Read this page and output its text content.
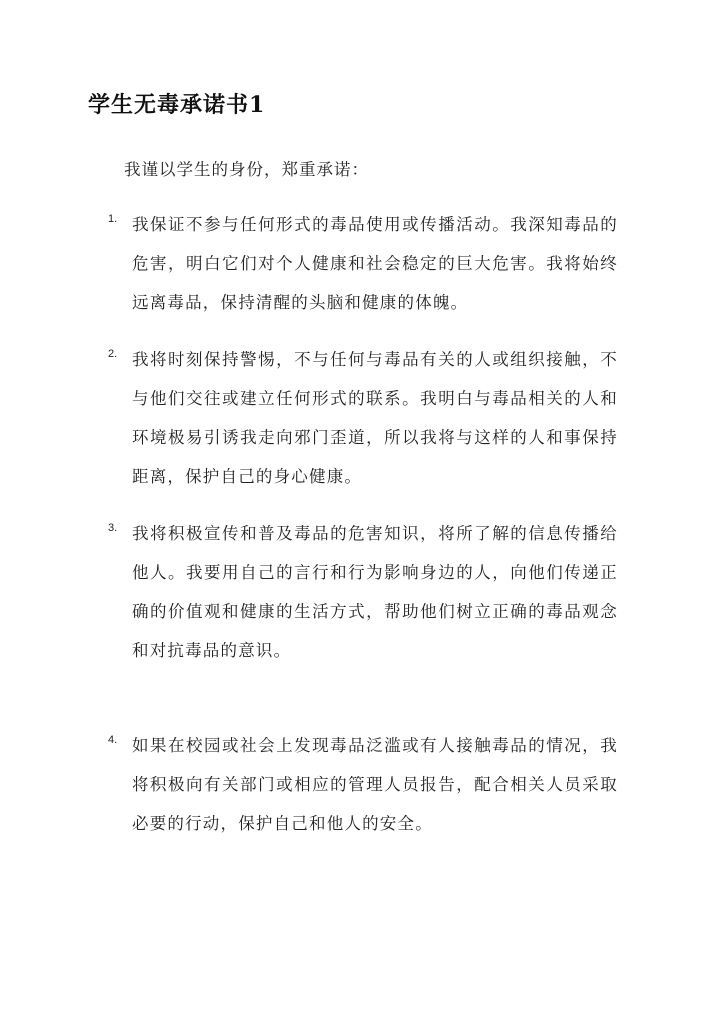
学生无毒承诺书1
我谨以学生的身份，郑重承诺：
1. 我保证不参与任何形式的毒品使用或传播活动。我深知毒品的危害，明白它们对个人健康和社会稳定的巨大危害。我将始终远离毒品，保持清醒的头脑和健康的体魄。
2. 我将时刻保持警惕，不与任何与毒品有关的人或组织接触，不与他们交往或建立任何形式的联系。我明白与毒品相关的人和环境极易引诱我走向邪门歪道，所以我将与这样的人和事保持距离，保护自己的身心健康。
3. 我将积极宣传和普及毒品的危害知识，将所了解的信息传播给他人。我要用自己的言行和行为影响身边的人，向他们传递正确的价值观和健康的生活方式，帮助他们树立正确的毒品观念和对抗毒品的意识。
4. 如果在校园或社会上发现毒品泛滥或有人接触毒品的情况，我将积极向有关部门或相应的管理人员报告，配合相关人员采取必要的行动，保护自己和他人的安全。
